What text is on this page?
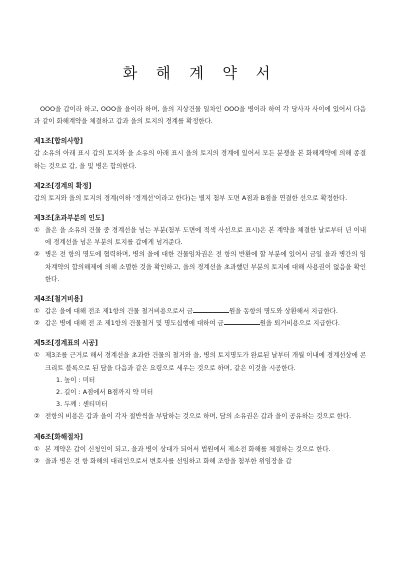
화 해 계 약 서

OOO을 갑이라 하고, OOO을 을이라 하며, 을의 지상건물 일차인 OOO을 병이라 하여 각 당사자 사이에 있어서 다음과 같이 화해계약을 체결하고 갑과 을의 토지의 경계를 확정한다.

제1조[합의사항]

갑 소유의 아래 표시 갑의 토지와 을 소유의 아래 표시 을의 토지의 경계에 있어서 모든 분쟁을 본 화해계약에 의해 종결하는 것으로 갑, 을 및 병은 합의한다.

제2조[경계의 확정]

갑의 토지와 을의 토지의 경계(이하 '경계선'이라고 한다)는 별지 첨부 도면 A점과 B점을 연결한 선으로 확정한다.

제3조[초과부분의 인도]

① 을은 을 소유의 건물 중 경계선을 넘는 부분(첨부 도면에 적색 사선으로 표시)은 본 계약을 체결한 날로부터 년 이내에 경계선을 넘은 부분의 토지를 갑에게 넘겨준다.
② 병은 전 항의 명도에 협력하며, 병의 을에 대한 건물임차권은 전 항의 반환에 할 부분에 있어서 금일 을과 병간의 임차계약의 합의해제에 의해 소멸한 것을 확인하고, 을의 경계선을 초과했던 부분의 토지에 대해 사용권이 없음을 확인한다.

제4조[철거비용]

① 갑은 을에 대해 전조 제1항의 건물 철거비용으로서 금	원을 동항의 명도와 상환해서 지급한다.
② 갑은 병에 대해 전 조 제1항의 건물철거 및 명도십행에 대하여 금	원을 퇴거비용으로 지급한다.

제5조[경계표의 시공]

① 제3조를 근거로 해서 경계선을 초과한 건물의 철거와 을, 병의 토지명도가 완료된 날부터 개월 이내에 경계선상에 콘크리트 블록으로 된 담을 다음과 같은 요령으로 세우는 것으로 하며, 같은 이것을 시공한다.
1. 높이 : 미터
2. 길이 : A점에서 B점까지 약 미터
3. 두께 : 센티미터
② 전항의 비용은 갑과 을이 각자 절반씩을 부담하는 것으로 하며, 담의 소유권은 갑과 을이 공유하는 것으로 한다.

제6조[화해절차]

① 본 계약은 갑이 신청인이 되고, 을과 병이 상대가 되어서 법원에서 제소전 화해를 체결하는 것으로 한다.
② 을과 병은 전 항 화해의 대리인으로서 변호사를 선임하고 화해 조항을 첨부한 위임장을 갑
